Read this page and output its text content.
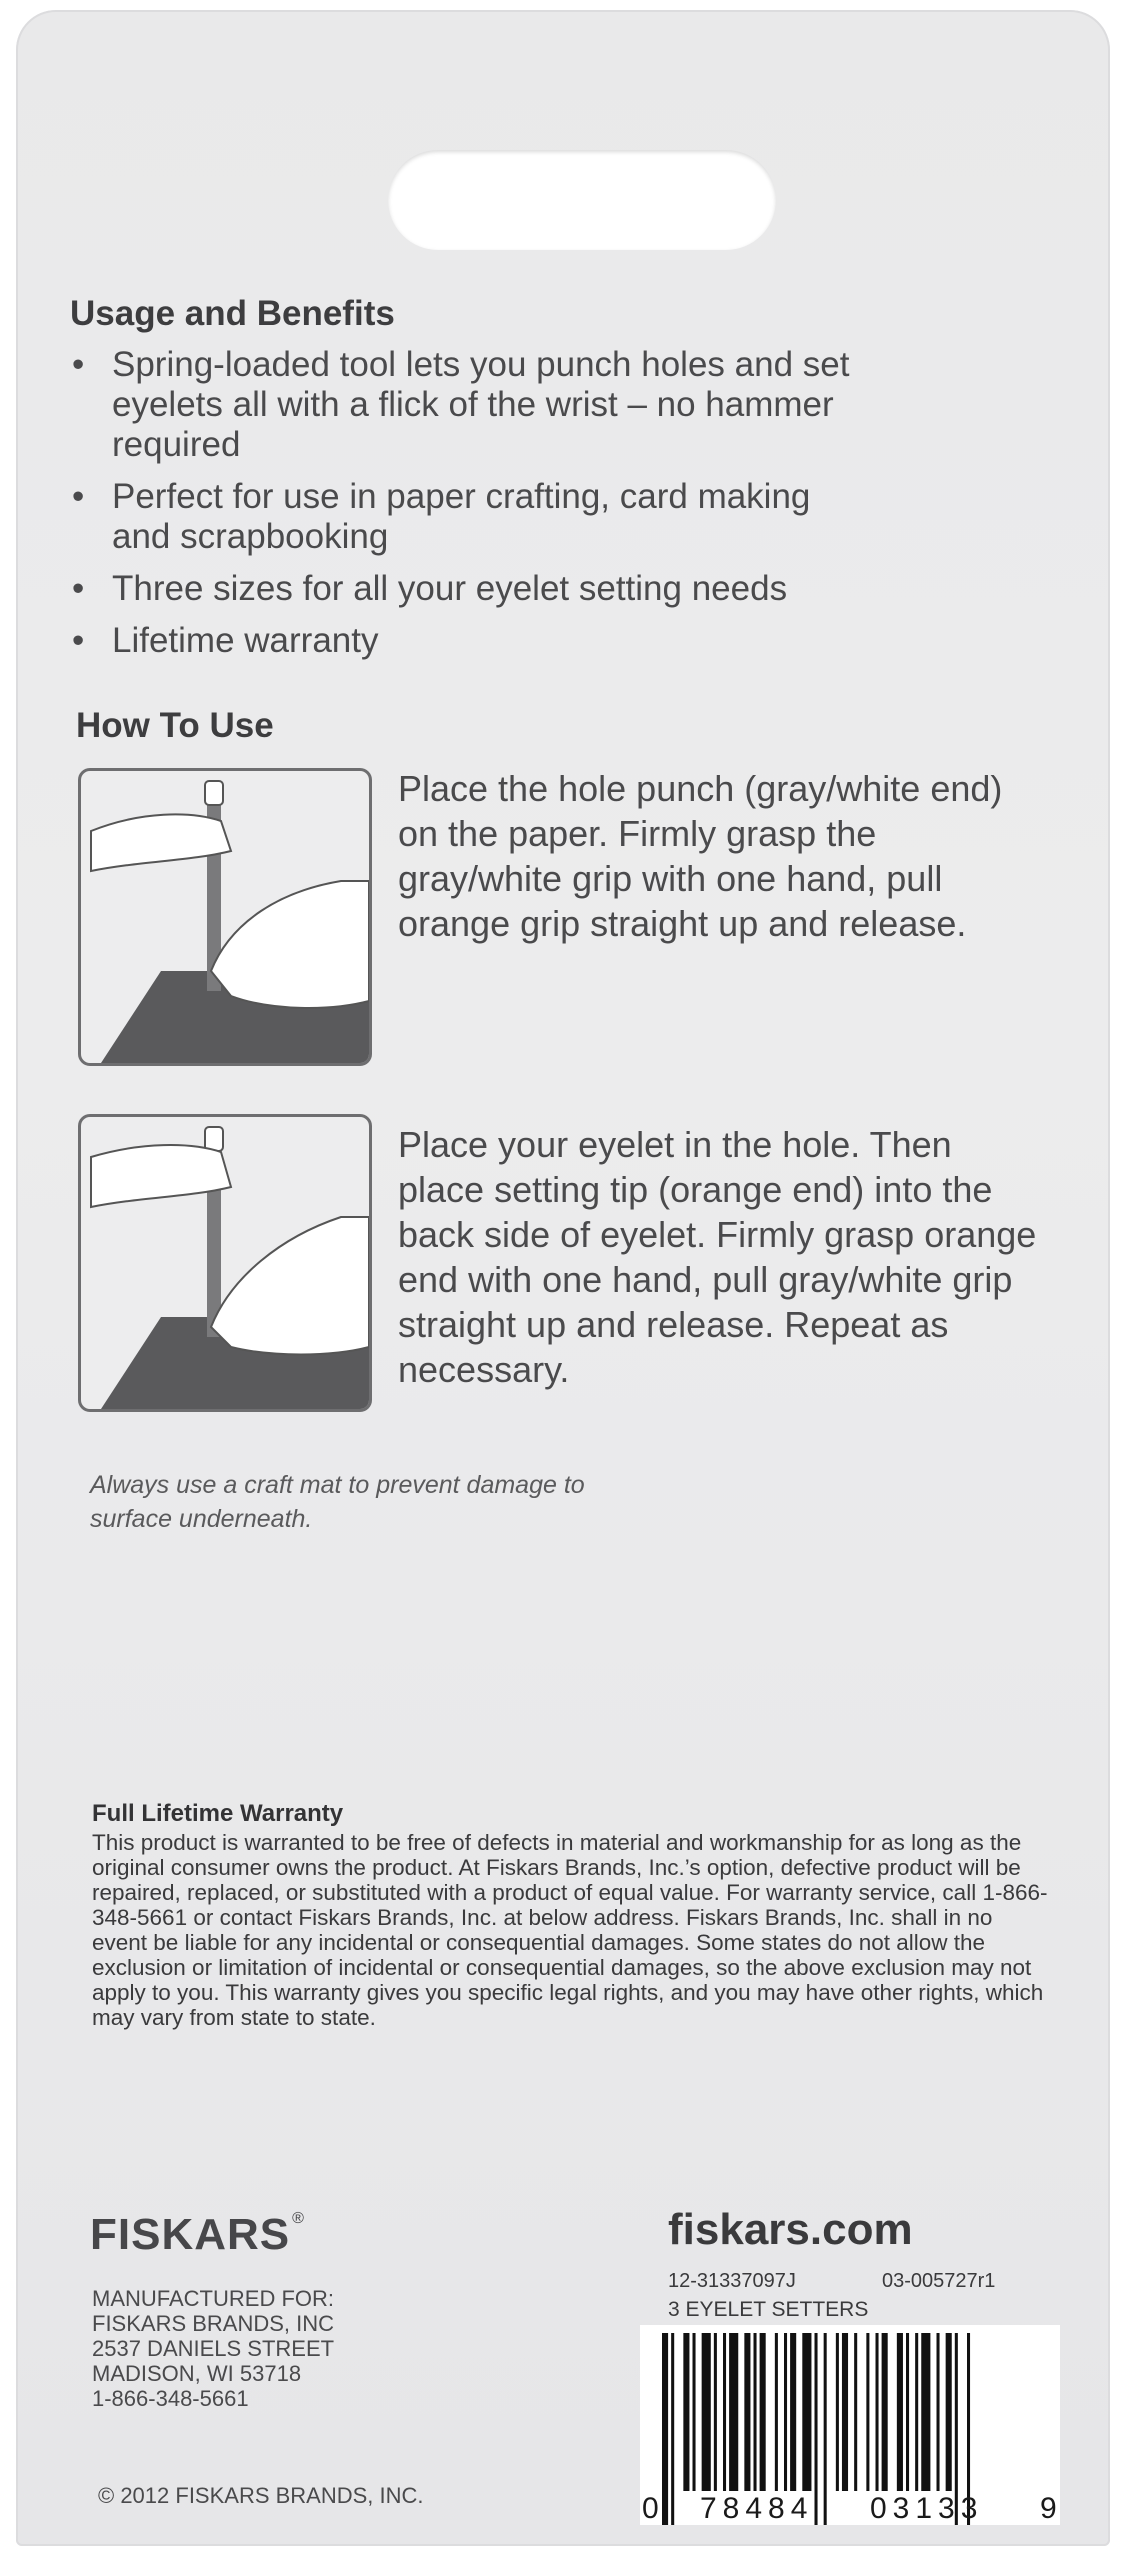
Usage and Benefits
• Spring-loaded tool lets you punch holes and set eyelets all with a flick of the wrist – no hammer required
• Perfect for use in paper crafting, card making and scrapbooking
• Three sizes for all your eyelet setting needs
• Lifetime warranty
How To Use
Place the hole punch (gray/white end) on the paper. Firmly grasp the gray/white grip with one hand, pull orange grip straight up and release.
Place your eyelet in the hole. Then place setting tip (orange end) into the back side of eyelet. Firmly grasp orange end with one hand, pull gray/white grip straight up and release. Repeat as necessary.
Always use a craft mat to prevent damage to surface underneath.
Full Lifetime Warranty
This product is warranted to be free of defects in material and workmanship for as long as the original consumer owns the product. At Fiskars Brands, Inc.’s option, defective product will be repaired, replaced, or substituted with a product of equal value. For warranty service, call 1-866-348-5661 or contact Fiskars Brands, Inc. at below address. Fiskars Brands, Inc. shall in no event be liable for any incidental or consequential damages. Some states do not allow the exclusion or limitation of incidental or consequential damages, so the above exclusion may not apply to you. This warranty gives you specific legal rights, and you may have other rights, which may vary from state to state.
FISKARS ®
MANUFACTURED FOR:
FISKARS BRANDS, INC
2537 DANIELS STREET
MADISON, WI 53718
1-866-348-5661
© 2012 FISKARS BRANDS, INC.
fiskars.com
12-31337097J	03-005727r1
3 EYELET SETTERS
0 78484 03133 9
